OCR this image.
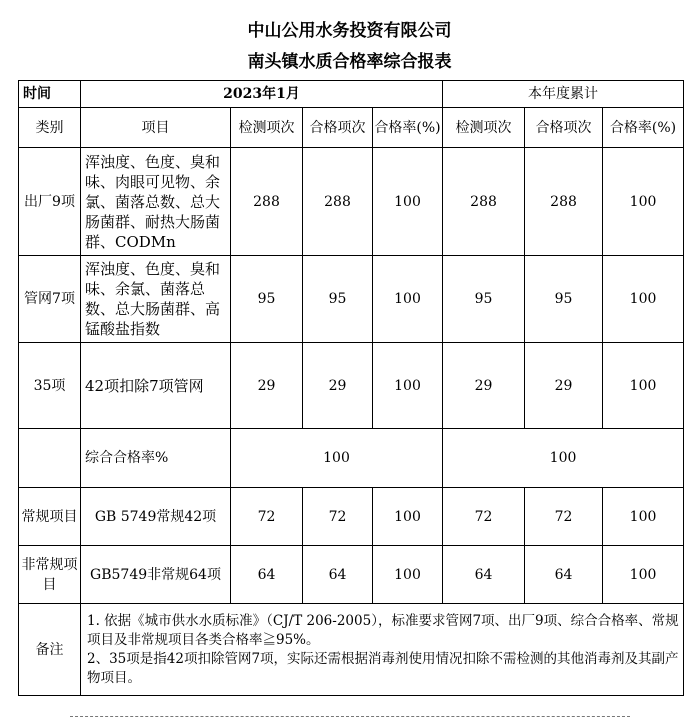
中山公用水务投资有限公司
南头镇水质合格率综合报表
时间	2023年1月				本年度累计		
类别	项目	检测项次	合格项次	合格率(%)	检测项次	合格项次	合格率(%)
出厂9项	浑浊度、色度、臭和味、肉眼可见物、余氯、菌落总数、总大肠菌群、耐热大肠菌群、CODMn	288	288	100	288	288	100
管网7项	浑浊度、色度、臭和味、余氯、菌落总数、总大肠菌群、高锰酸盐指数	95	95	100	95	95	100
35项	42项扣除7项管网	29	29	100	29	29	100
	综合合格率%	100			100		
常规项目	GB 5749常规42项	72	72	100	72	72	100
非常规项目	GB5749非常规64项	64	64	100	64	64	100
备注	1. 依据《城市供水水质标准》（CJ/T 206-2005），标准要求管网7项、出厂9项、综合合格率、常规项目及非常规项目各类合格率≧95%。
2、35项是指42项扣除管网7项，实际还需根据消毒剂使用情况扣除不需检测的其他消毒剂及其副产物项目。						
